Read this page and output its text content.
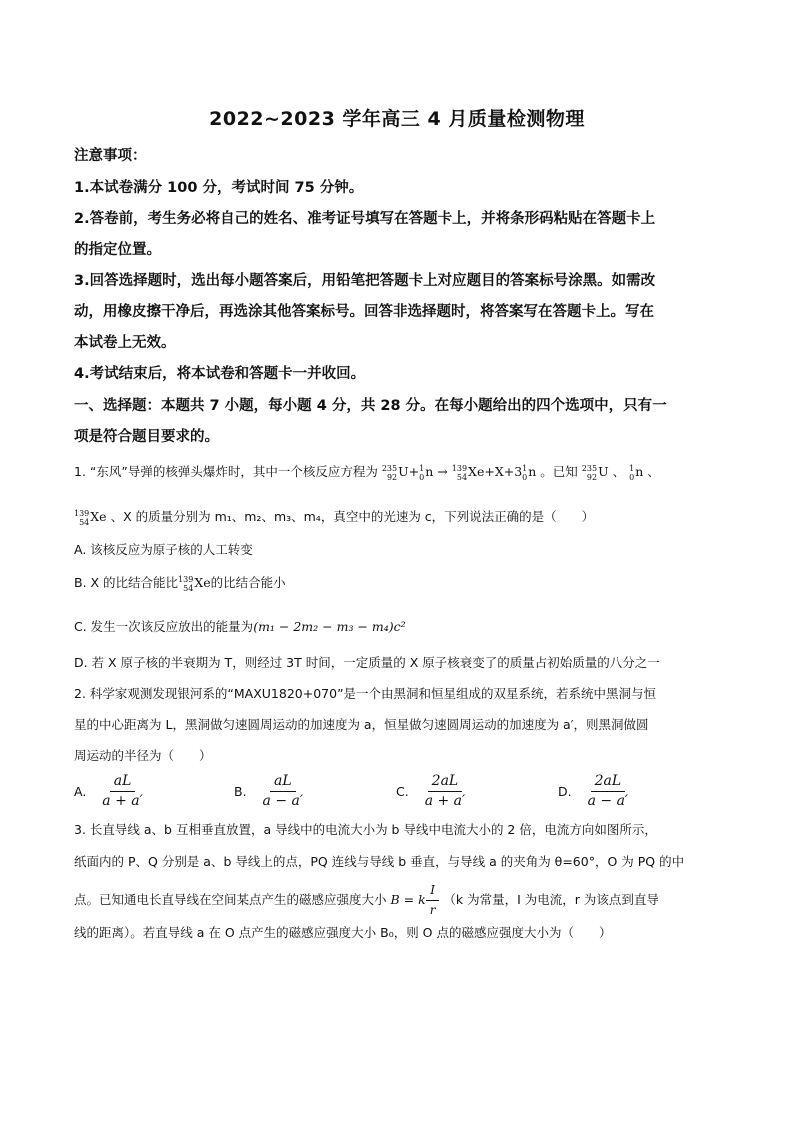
2022~2023 学年高三 4 月质量检测物理
注意事项：
1.本试卷满分 100 分，考试时间 75 分钟。
2.答卷前，考生务必将自己的姓名、准考证号填写在答题卡上，并将条形码粘贴在答题卡上
的指定位置。
3.回答选择题时，选出每小题答案后，用铅笔把答题卡上对应题目的答案标号涂黑。如需改
动，用橡皮擦干净后，再选涂其他答案标号。回答非选择题时，将答案写在答题卡上。写在
本试卷上无效。
4.考试结束后，将本试卷和答题卡一并收回。
一、选择题：本题共 7 小题，每小题 4 分，共 28 分。在每小题给出的四个选项中，只有一
项是符合题目要求的。
1. “东风”导弹的核弹头爆炸时，其中一个核反应方程为 235
92 U+ 1
0 n → 139
54 Xe+X+3 1
0 n 。已知 235
92 U 、 1
0 n 、
139
54 Xe 、X 的质量分别为 m₁、m₂、m₃、m₄，真空中的光速为 c，下列说法正确的是（　　）
A. 该核反应为原子核的人工转变
B. X 的比结合能比 139
54 Xe的比结合能小
C. 发生一次该反应放出的能量为(m₁ − 2m₂ − m₃ − m₄)c²
D. 若 X 原子核的半衰期为 T，则经过 3T 时间，一定质量的 X 原子核衰变了的质量占初始质量的八分之一
2. 科学家观测发现银河系的“MAXU1820+070”是一个由黑洞和恒星组成的双星系统，若系统中黑洞与恒
星的中心距离为 L，黑洞做匀速圆周运动的加速度为 a，恒星做匀速圆周运动的加速度为 a′，则黑洞做圆
周运动的半径为（　　）
A. $\frac{aL}{a + a'}$	B. $\frac{aL}{a - a'}$	C. $\frac{2aL}{a + a'}$	D. $\frac{2aL}{a - a'}$
3. 长直导线 a、b 互相垂直放置，a 导线中的电流大小为 b 导线中电流大小的 2 倍，电流方向如图所示，
纸面内的 P、Q 分别是 a、b 导线上的点，PQ 连线与导线 b 垂直，与导线 a 的夹角为 θ=60°，O 为 PQ 的中
点。已知通电长直导线在空间某点产生的磁感应强度大小 B = k $\frac{I}{r} (k$ 为常量，I 为电流，r 为该点到直导
线的距离）。若直导线 a 在 O 点产生的磁感应强度大小 B₀，则 O 点的磁感应强度大小为（　　）
